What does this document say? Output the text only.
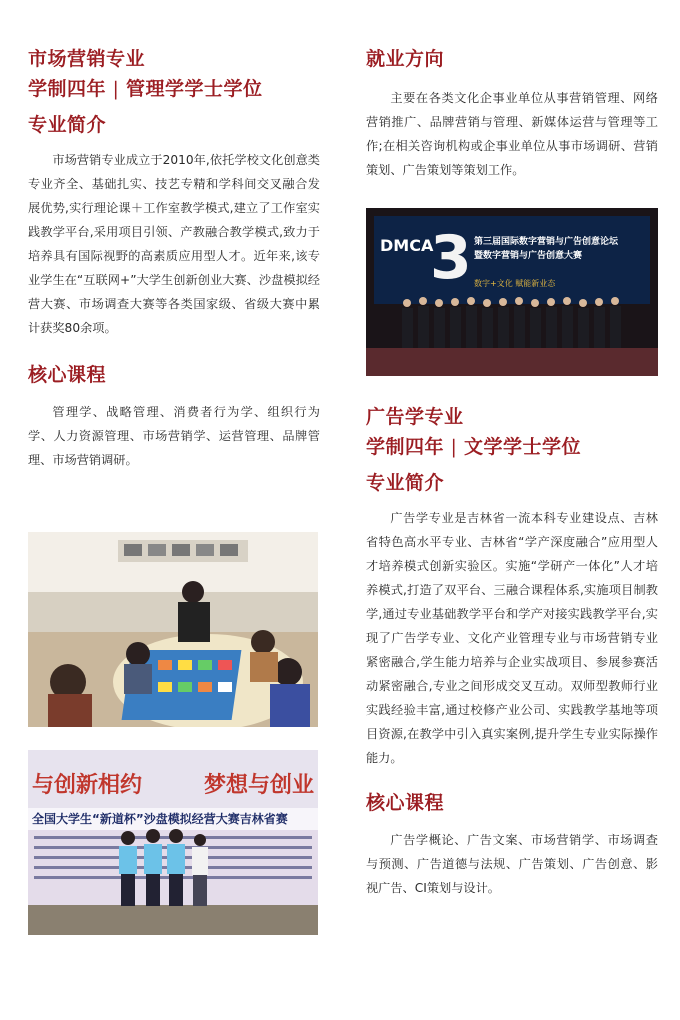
市场营销专业
学制四年 | 管理学学士学位
专业简介

市场营销专业成立于2010年,依托学校文化创意类专业齐全、基础扎实、技艺专精和学科间交叉融合发展优势,实行理论课＋工作室教学模式,建立了工作室实践教学平台,采用项目引领、产教融合教学模式,致力于培养具有国际视野的高素质应用型人才。近年来,该专业学生在“互联网+”大学生创新创业大赛、沙盘模拟经营大赛、市场调查大赛等各类国家级、省级大赛中累计获奖80余项。

核心课程

管理学、战略管理、消费者行为学、组织行为学、人力资源管理、市场营销学、运营管理、品牌管理、市场营销调研。

与创新相约	梦想与创业
全国大学生“新道杯”沙盘模拟经营大赛吉林省赛
就业方向

主要在各类文化企事业单位从事营销管理、网络营销推广、品牌营销与管理、新媒体运营与管理等工作;在相关咨询机构或企事业单位从事市场调研、营销策划、广告策划等策划工作。

DMCA
3 第三届国际数字营销与广告创意论坛
暨数字营销与广告创意大赛
数字+文化 赋能新业态
广告学专业
学制四年 | 文学学士学位
专业简介

广告学专业是吉林省一流本科专业建设点、吉林省特色高水平专业、吉林省“学产深度融合”应用型人才培养模式创新实验区。实施“学研产一体化”人才培养模式,打造了双平台、三融合课程体系,实施项目制教学,通过专业基础教学平台和学产对接实践教学平台,实现了广告学专业、文化产业管理专业与市场营销专业紧密融合,学生能力培养与企业实战项目、参展参赛活动紧密融合,专业之间形成交叉互动。双师型教师行业实践经验丰富,通过校修产业公司、实践教学基地等项目资源,在教学中引入真实案例,提升学生专业实际操作能力。

核心课程

广告学概论、广告文案、市场营销学、市场调查与预测、广告道德与法规、广告策划、广告创意、影视广告、CI策划与设计。
